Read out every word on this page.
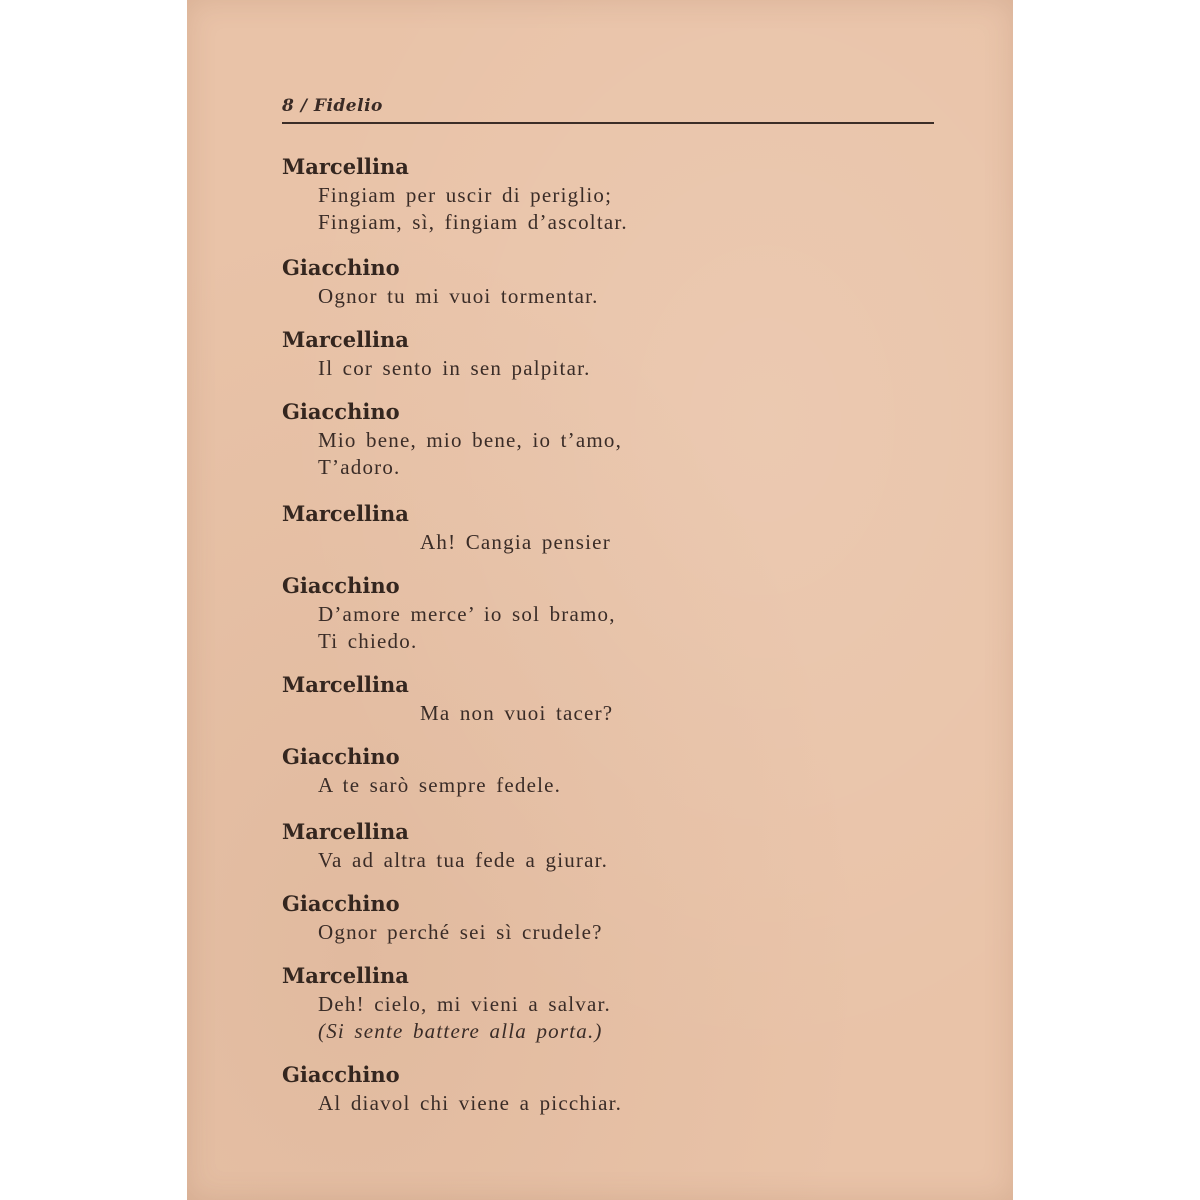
8 / Fidelio
Marcellina
Fingiam per uscir di periglio;
Fingiam, sì, fingiam d’ascoltar.
Giacchino
Ognor tu mi vuoi tormentar.
Marcellina
Il cor sento in sen palpitar.
Giacchino
Mio bene, mio bene, io t’amo,
T’adoro.
Marcellina
Ah! Cangia pensier
Giacchino
D’amore merce’ io sol bramo,
Ti chiedo.
Marcellina
Ma non vuoi tacer?
Giacchino
A te sarò sempre fedele.
Marcellina
Va ad altra tua fede a giurar.
Giacchino
Ognor perché sei sì crudele?
Marcellina
Deh! cielo, mi vieni a salvar.
(Si sente battere alla porta.)
Giacchino
Al diavol chi viene a picchiar.
